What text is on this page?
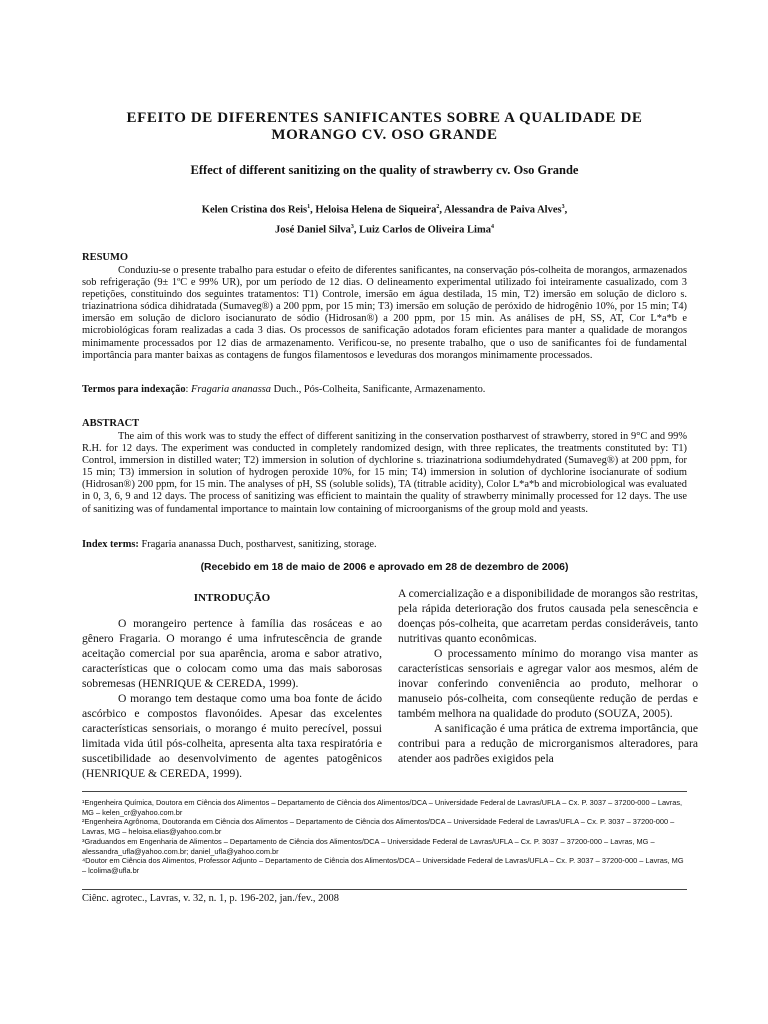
EFEITO DE DIFERENTES SANIFICANTES SOBRE A QUALIDADE DE
MORANGO CV. OSO GRANDE
Effect of different sanitizing on the quality of strawberry cv. Oso Grande
Kelen Cristina dos Reis$^1$, Heloisa Helena de Siqueira$^2$, Alessandra de Paiva Alves$^3$,
José Daniel Silva$^3$, Luiz Carlos de Oliveira Lima$^4$
RESUMO
Conduziu-se o presente trabalho para estudar o efeito de diferentes sanificantes, na conservação pós-colheita de morangos, armazenados sob refrigeração (9± 1ºC e 99% UR), por um período de 12 dias. O delineamento experimental utilizado foi inteiramente casualizado, com 3 repetições, constituindo dos seguintes tratamentos: T1) Controle, imersão em água destilada, 15 min, T2) imersão em solução de dicloro s. triazinatriona sódica dihidratada (Sumaveg®) a 200 ppm, por 15 min; T3) imersão em solução de peróxido de hidrogênio 10%, por 15 min; T4) imersão em solução de dicloro isocianurato de sódio (Hidrosan®) a 200 ppm, por 15 min. As análises de pH, SS, AT, Cor L*a*b e microbiológicas foram realizadas a cada 3 dias. Os processos de sanificação adotados foram eficientes para manter a qualidade de morangos minimamente processados por 12 dias de armazenamento. Verificou-se, no presente trabalho, que o uso de sanificantes foi de fundamental importância para manter baixas as contagens de fungos filamentosos e leveduras dos morangos minimamente processados.
Termos para indexação: Fragaria ananassa Duch., Pós-Colheita, Sanificante, Armazenamento.
ABSTRACT
The aim of this work was to study the effect of different sanitizing in the conservation postharvest of strawberry, stored in 9°C and 99% R.H. for 12 days. The experiment was conducted in completely randomized design, with three replicates, the treatments constituted by: T1) Control, immersion in distilled water; T2) immersion in solution of dychlorine s. triazinatriona sodiumdehydrated (Sumaveg®) at 200 ppm, for 15 min; T3) immersion in solution of hydrogen peroxide 10%, for 15 min; T4) immersion in solution of dychlorine isocianurate of sodium (Hidrosan®) 200 ppm, for 15 min. The analyses of pH, SS (soluble solids), TA (titrable acidity), Color L*a*b and microbiological was evaluated in 0, 3, 6, 9 and 12 days. The process of sanitizing was efficient to maintain the quality of strawberry minimally processed for 12 days. The use of sanitizing was of fundamental importance to maintain low containing of microorganisms of the group mold and yeasts.
Index terms: Fragaria ananassa Duch, postharvest, sanitizing, storage.
(Recebido em 18 de maio de 2006 e aprovado em 28 de dezembro de 2006)

INTRODUÇÃO

O morangeiro pertence à família das rosáceas e ao gênero Fragaria. O morango é uma infrutescência de grande aceitação comercial por sua aparência, aroma e sabor atrativo, características que o colocam como uma das mais saborosas sobremesas (HENRIQUE & CEREDA, 1999).

O morango tem destaque como uma boa fonte de ácido ascórbico e compostos flavonóides. Apesar das excelentes características sensoriais, o morango é muito perecível, possui limitada vida útil pós-colheita, apresenta alta taxa respiratória e suscetibilidade ao desenvolvimento de agentes patogênicos (HENRIQUE & CEREDA, 1999).

A comercialização e a disponibilidade de morangos são restritas, pela rápida deterioração dos frutos causada pela senescência e doenças pós-colheita, que acarretam perdas consideráveis, tanto nutritivas quanto econômicas.

O processamento mínimo do morango visa manter as características sensoriais e agregar valor aos mesmos, além de inovar conferindo conveniência ao produto, melhorar o manuseio pós-colheita, com conseqüente redução de perdas e também melhora na qualidade do produto (SOUZA, 2005).

A sanificação é uma prática de extrema importância, que contribui para a redução de microrganismos alteradores, para atender aos padrões exigidos pela

¹Engenheira Química, Doutora em Ciência dos Alimentos – Departamento de Ciência dos Alimentos/DCA – Universidade Federal de Lavras/UFLA – Cx. P. 3037 – 37200-000 – Lavras, MG – kelen_cr@yahoo.com.br
²Engenheira Agrônoma, Doutoranda em Ciência dos Alimentos – Departamento de Ciência dos Alimentos/DCA – Universidade Federal de Lavras/UFLA – Cx. P. 3037 – 37200-000 – Lavras, MG – heloisa.elias@yahoo.com.br
³Graduandos em Engenharia de Alimentos – Departamento de Ciência dos Alimentos/DCA – Universidade Federal de Lavras/UFLA – Cx. P. 3037 – 37200-000 – Lavras, MG – alessandra_ufla@yahoo.com.br; daniel_ufla@yahoo.com.br
⁴Doutor em Ciência dos Alimentos, Professor Adjunto – Departamento de Ciência dos Alimentos/DCA – Universidade Federal de Lavras/UFLA – Cx. P. 3037 – 37200-000 – Lavras, MG – lcolima@ufla.br
Ciênc. agrotec., Lavras, v. 32, n. 1, p. 196-202, jan./fev., 2008
